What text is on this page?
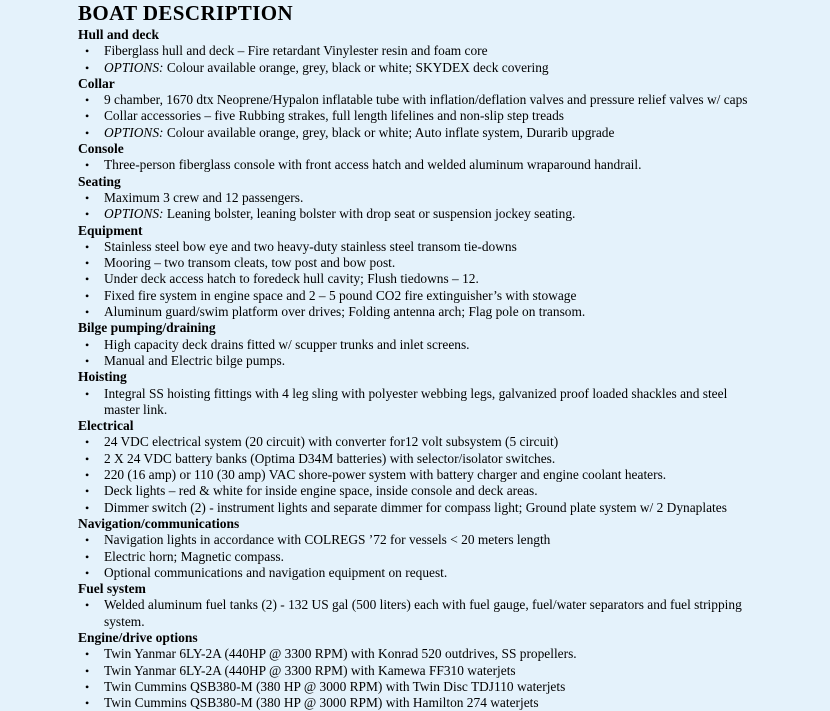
BOAT DESCRIPTION
Hull and deck
•	Fiberglass hull and deck – Fire retardant Vinylester resin and foam core
•	OPTIONS: Colour available orange, grey, black or white; SKYDEX deck covering
Collar
•	9 chamber, 1670 dtx Neoprene/Hypalon inflatable tube with inflation/deflation valves and pressure relief valves w/ caps
•	Collar accessories – five Rubbing strakes, full length lifelines and non-slip step treads
•	OPTIONS: Colour available orange, grey, black or white; Auto inflate system, Durarib upgrade
Console
•	Three-person fiberglass console with front access hatch and welded aluminum wraparound handrail.
Seating
•	Maximum 3 crew and 12 passengers.
•	OPTIONS: Leaning bolster, leaning bolster with drop seat or suspension jockey seating.
Equipment
•	Stainless steel bow eye and two heavy-duty stainless steel transom tie-downs
•	Mooring – two transom cleats, tow post and bow post.
•	Under deck access hatch to foredeck hull cavity; Flush tiedowns – 12.
•	Fixed fire system in engine space and 2 – 5 pound CO2 fire extinguisher’s with stowage
•	Aluminum guard/swim platform over drives; Folding antenna arch; Flag pole on transom.
Bilge pumping/draining
•	High capacity deck drains fitted w/ scupper trunks and inlet screens.
•	Manual and Electric bilge pumps.
Hoisting
•	Integral SS hoisting fittings with 4 leg sling with polyester webbing legs, galvanized proof loaded shackles and steel master link.
Electrical
•	24 VDC electrical system (20 circuit) with converter for12 volt subsystem (5 circuit)
•	2 X 24 VDC battery banks (Optima D34M batteries) with selector/isolator switches.
•	220 (16 amp) or 110 (30 amp) VAC shore-power system with battery charger and engine coolant heaters.
•	Deck lights – red & white for inside engine space, inside console and deck areas.
•	Dimmer switch (2) - instrument lights and separate dimmer for compass light; Ground plate system w/ 2 Dynaplates
Navigation/communications
•	Navigation lights in accordance with COLREGS ’72 for vessels < 20 meters length
•	Electric horn; Magnetic compass.
•	Optional communications and navigation equipment on request.
Fuel system
•	Welded aluminum fuel tanks (2) - 132 US gal (500 liters) each with fuel gauge, fuel/water separators and fuel stripping system.
Engine/drive options
•	Twin Yanmar 6LY-2A (440HP @ 3300 RPM) with Konrad 520 outdrives, SS propellers.
•	Twin Yanmar 6LY-2A (440HP @ 3300 RPM) with Kamewa FF310 waterjets
•	Twin Cummins QSB380-M (380 HP @ 3000 RPM) with Twin Disc TDJ110 waterjets
•	Twin Cummins QSB380-M (380 HP @ 3000 RPM) with Hamilton 274 waterjets
